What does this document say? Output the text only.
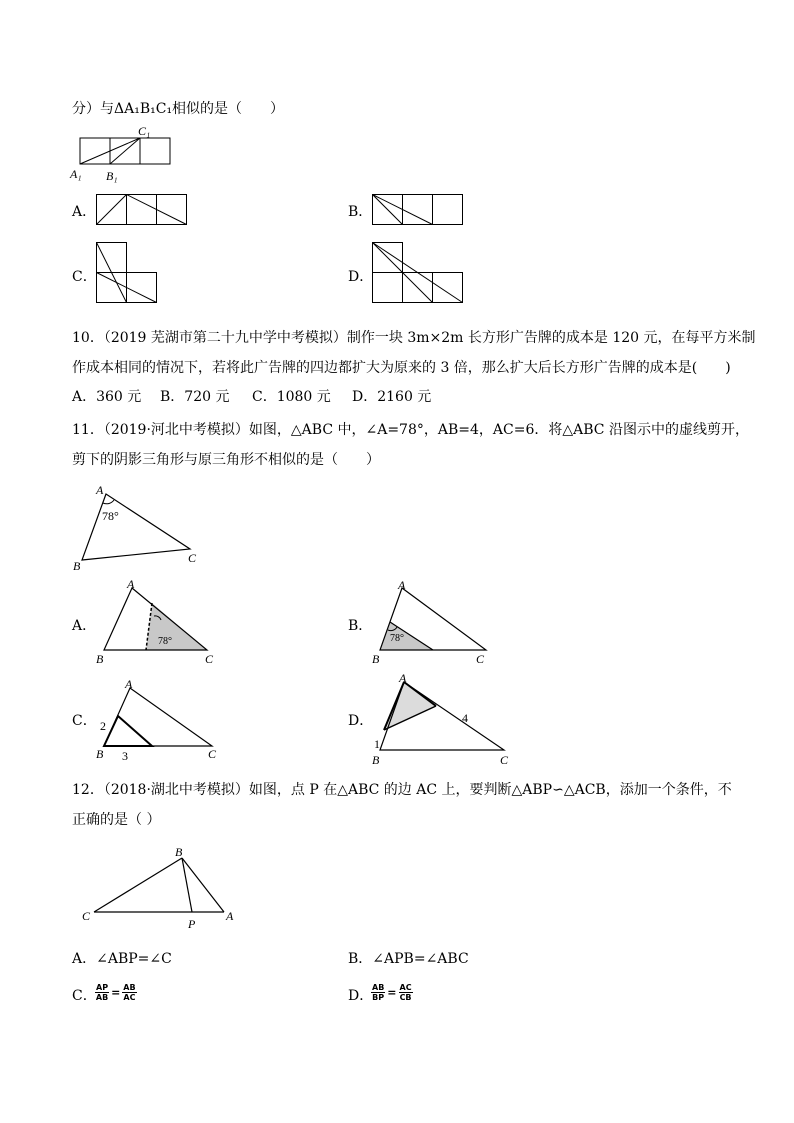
分）与ΔA₁B₁C₁相似的是（　　）
C₁
A₁ B₁
A．	B．
C．	D．
10．（2019 芜湖市第二十九中学中考模拟）制作一块 3m×2m 长方形广告牌的成本是 120 元，在每平方米制
作成本相同的情况下，若将此广告牌的四边都扩大为原来的 3 倍，那么扩大后长方形广告牌的成本是(　　)
A．360 元 B．720 元 C．1080 元 D．2160 元
11．（2019·河北中考模拟）如图，△ABC 中，∠A=78°，AB=4，AC=6．将△ABC 沿图示中的虚线剪开，
剪下的阴影三角形与原三角形不相似的是（　　）
A
B
C
78°
A．
78°
A
B	C
B．
78°
A
B	C
C．
A
B	C
2
3
D．
A
B	C
4
1
12．（2018·湖北中考模拟）如图，点 P 在△ABC 的边 AC 上，要判断△ABP∽△ACB，添加一个条件，不
正确的是（ ）
B
C
P
A
A．∠ABP=∠C	B．∠APB=∠ABC
C．
$\frac{AP}{AB} = \frac{AB}{AC}$	D．
$\frac{AB}{BP} = \frac{AC}{CB}$
